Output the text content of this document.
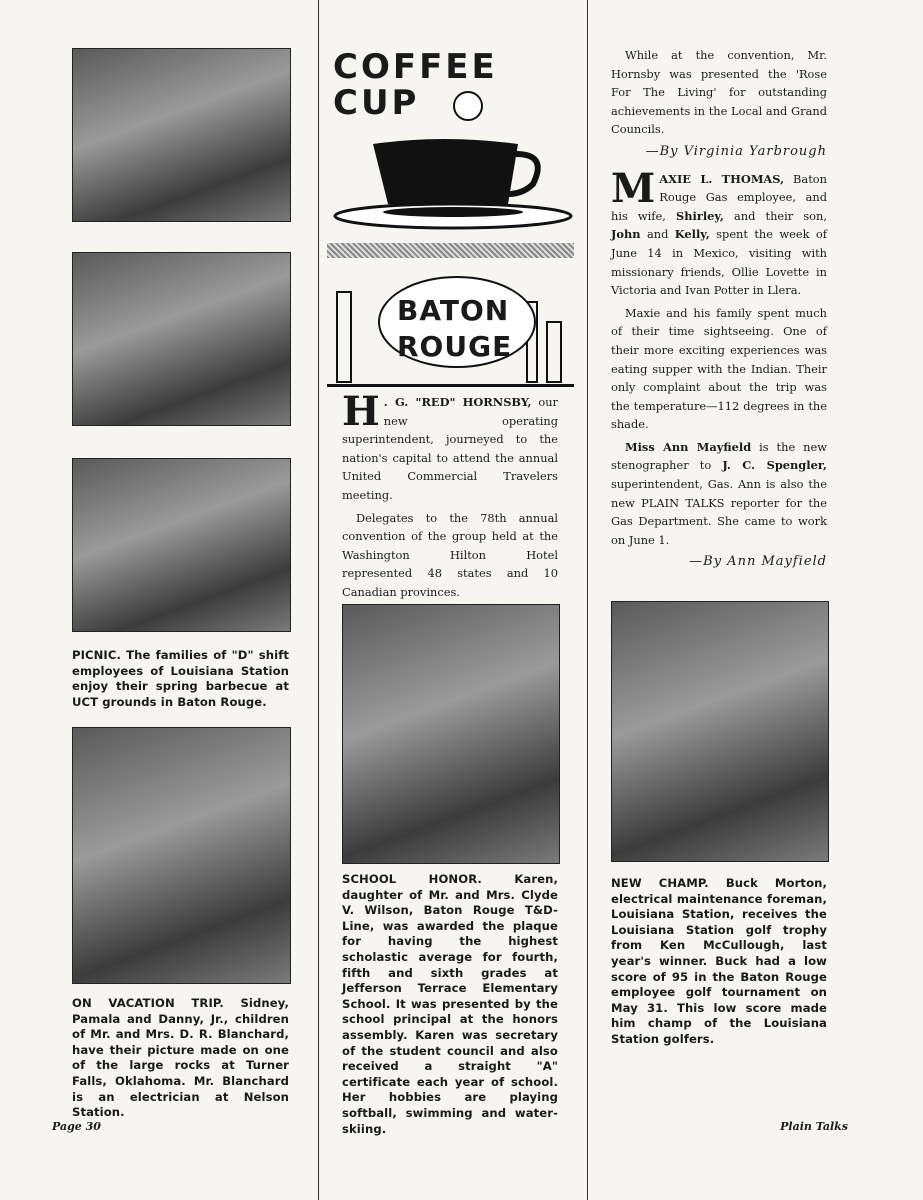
PICNIC. The families of "D" shift employees of Louisiana Station enjoy their spring barbecue at UCT grounds in Baton Rouge.
ON VACATION TRIP. Sidney, Pamala and Danny, Jr., children of Mr. and Mrs. D. R. Blanchard, have their picture made on one of the large rocks at Turner Falls, Oklahoma. Mr. Blanchard is an electrician at Nelson Station.
COFFEE
CUP
BATON
ROUGE

H . G. "RED" HORNSBY, our new operating superintendent, journeyed to the nation's capital to attend the annual United Commercial Travelers meeting.

Delegates to the 78th annual convention of the group held at the Washington Hilton Hotel represented 48 states and 10 Canadian provinces.

SCHOOL HONOR. Karen, daughter of Mr. and Mrs. Clyde V. Wilson, Baton Rouge T&D-Line, was awarded the plaque for having the highest scholastic average for fourth, fifth and sixth grades at Jefferson Terrace Elementary School. It was presented by the school principal at the honors assembly. Karen was secretary of the student council and also received a straight "A" certificate each year of school. Her hobbies are playing softball, swimming and water-skiing.

While at the convention, Mr. Hornsby was presented the 'Rose For The Living' for outstanding achievements in the Local and Grand Councils.

—By Virginia Yarbrough

MAXIE L. THOMAS, Baton Rouge Gas employee, and his wife, Shirley, and their son, John and Kelly, spent the week of June 14 in Mexico, visiting with missionary friends, Ollie Lovette in Victoria and Ivan Potter in Llera.

Maxie and his family spent much of their time sightseeing. One of their more exciting experiences was eating supper with the Indian. Their only complaint about the trip was the temperature—112 degrees in the shade.

Miss Ann Mayfield is the new stenographer to J. C. Spengler, superintendent, Gas. Ann is also the new PLAIN TALKS reporter for the Gas Department. She came to work on June 1.

—By Ann Mayfield
NEW CHAMP. Buck Morton, electrical maintenance foreman, Louisiana Station, receives the Louisiana Station golf trophy from Ken McCullough, last year's winner. Buck had a low score of 95 in the Baton Rouge employee golf tournament on May 31. This low score made him champ of the Louisiana Station golfers.
Page 30	Plain Talks
